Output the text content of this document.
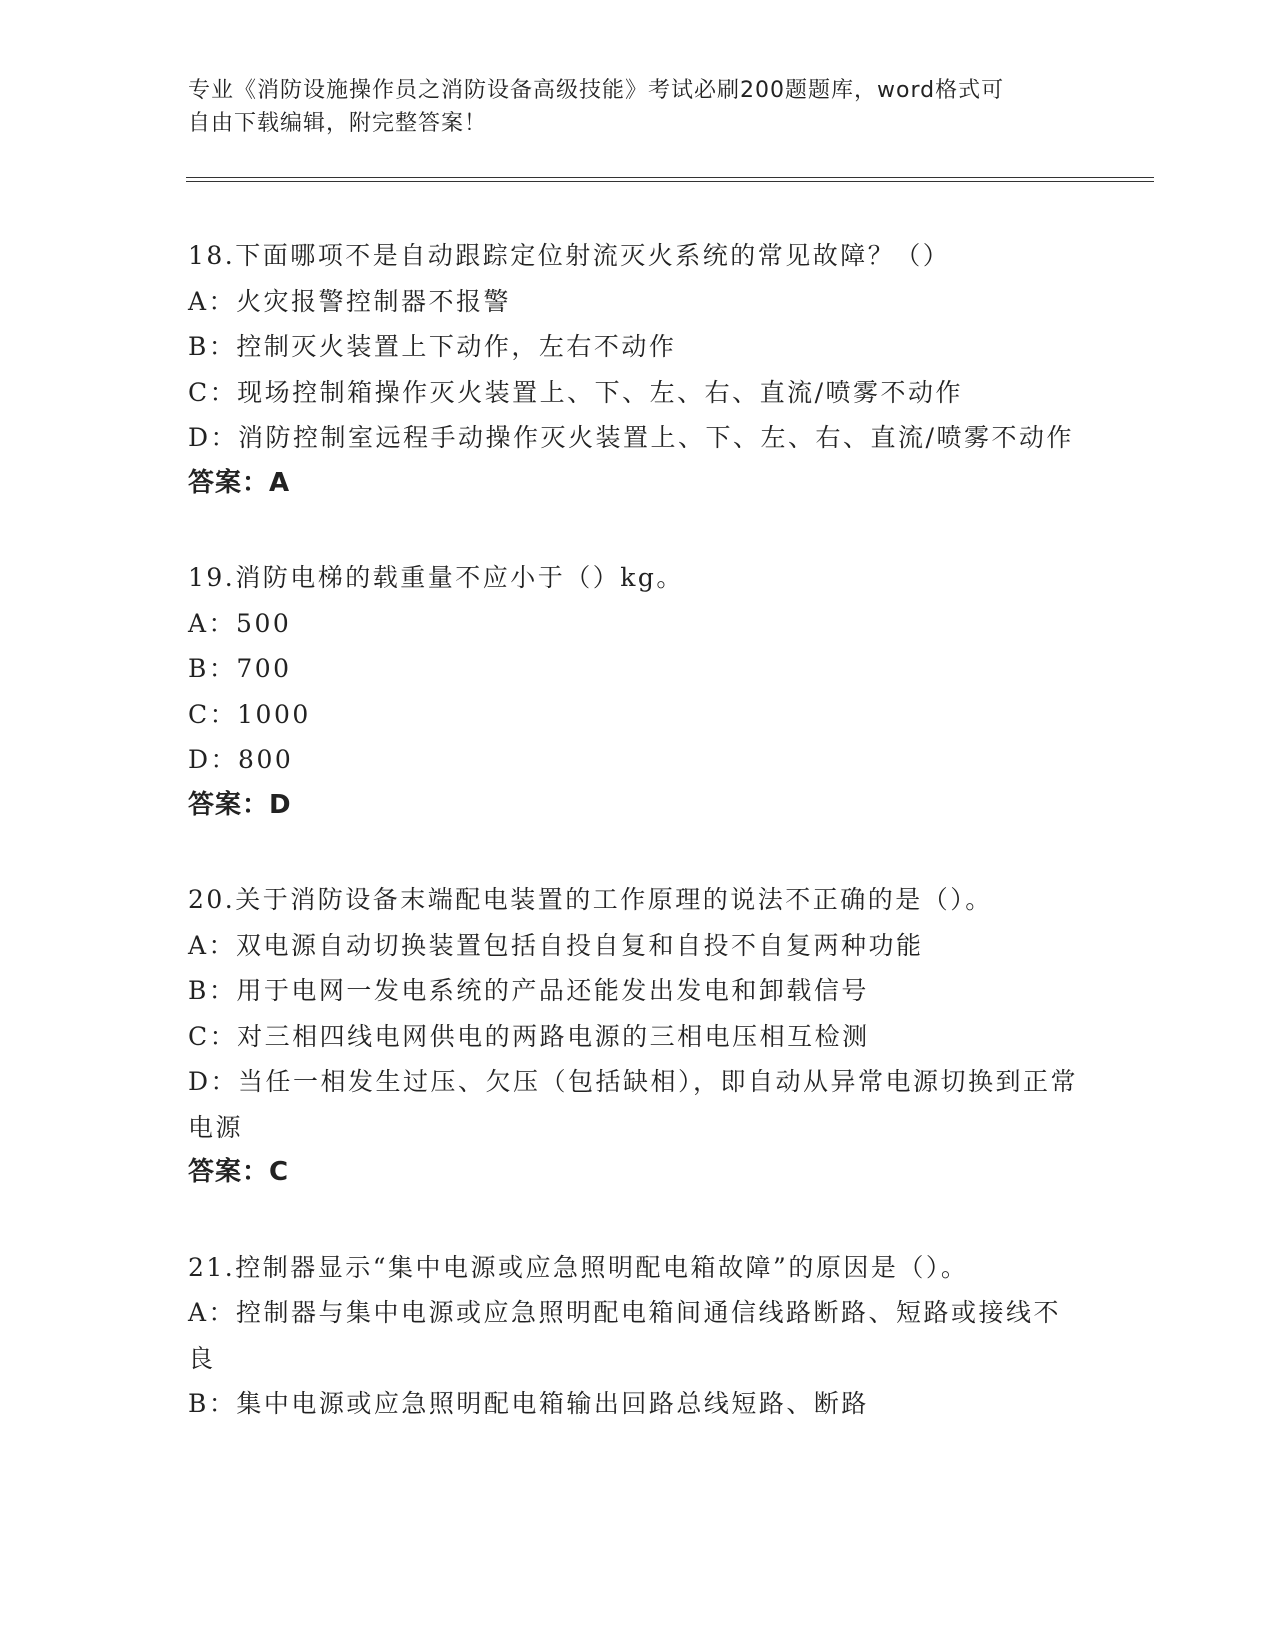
专业《消防设施操作员之消防设备高级技能》考试必刷200题题库，word格式可
自由下载编辑，附完整答案！
18.下面哪项不是自动跟踪定位射流灭火系统的常见故障？（）
A：火灾报警控制器不报警
B：控制灭火装置上下动作，左右不动作
C：现场控制箱操作灭火装置上、下、左、右、直流/喷雾不动作
D：消防控制室远程手动操作灭火装置上、下、左、右、直流/喷雾不动作
答案：A
19.消防电梯的载重量不应小于（）kg。
A：500
B：700
C：1000
D：800
答案：D
20.关于消防设备末端配电装置的工作原理的说法不正确的是（）。
A：双电源自动切换装置包括自投自复和自投不自复两种功能
B：用于电网一发电系统的产品还能发出发电和卸载信号
C：对三相四线电网供电的两路电源的三相电压相互检测
D：当任一相发生过压、欠压（包括缺相），即自动从异常电源切换到正常电源
答案：C
21.控制器显示“集中电源或应急照明配电箱故障”的原因是（）。
A：控制器与集中电源或应急照明配电箱间通信线路断路、短路或接线不良
B：集中电源或应急照明配电箱输出回路总线短路、断路
